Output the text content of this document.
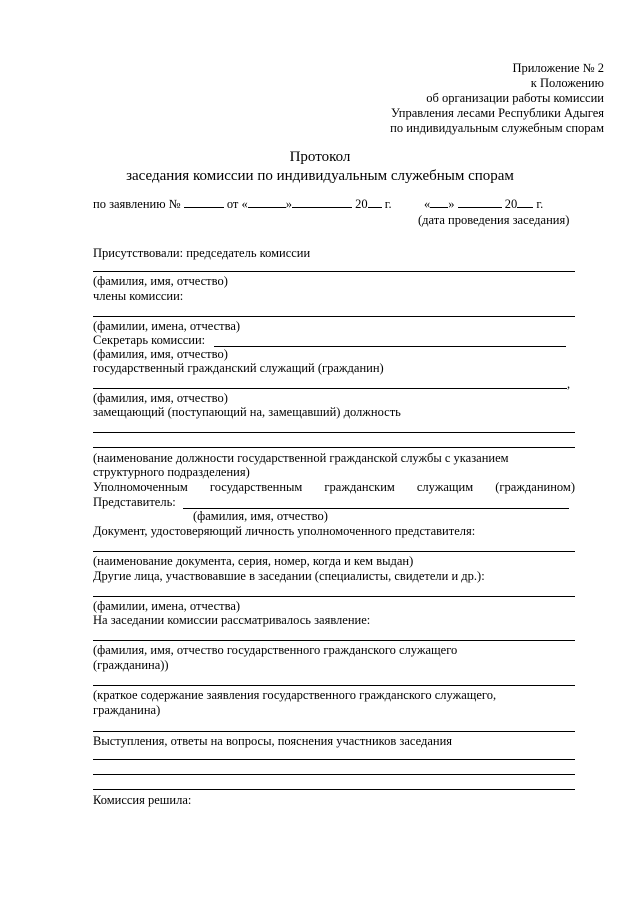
Приложение № 2
к Положению
об организации работы комиссии
Управления лесами Республики Адыгея
по индивидуальным служебным спорам
Протокол
заседания комиссии по индивидуальным служебным спорам
по заявлению №	от «	»	20 г.	« »	20 г.
(дата проведения заседания)
Присутствовали: председатель комиссии
(фамилия, имя, отчество)
члены комиссии:
(фамилии, имена, отчества)
Секретарь комиссии:
(фамилия, имя, отчество)
государственный гражданский служащий (гражданин)
,
(фамилия, имя, отчество)
замещающий (поступающий на, замещавший) должность
(наименование должности государственной гражданской службы с указанием
структурного подразделения)
Уполномоченным государственным гражданским служащим (гражданином)
Представитель:
(фамилия, имя, отчество)
Документ, удостоверяющий личность уполномоченного представителя:
(наименование документа, серия, номер, когда и кем выдан)
Другие лица, участвовавшие в заседании (специалисты, свидетели и др.):
(фамилии, имена, отчества)
На заседании комиссии рассматривалось заявление:
(фамилия, имя, отчество государственного гражданского служащего
(гражданина))
(краткое содержание заявления государственного гражданского служащего,
гражданина)
Выступления, ответы на вопросы, пояснения участников заседания
Комиссия решила:
